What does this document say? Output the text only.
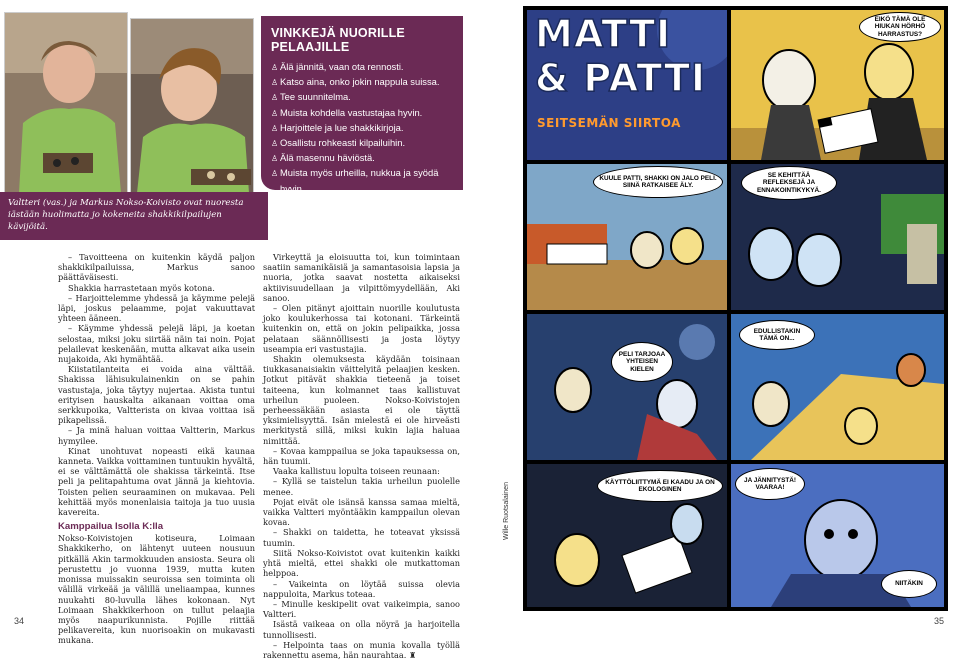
Valtteri (vas.) ja Markus Nokso-Koivisto ovat nuoresta iästään huolimatta jo kokeneita shakkikilpailujen kävijöitä.

VINKKEJÄ NUORILLE PELAAJILLE
♙ Älä jännitä, vaan ota rennosti.
♙ Katso aina, onko jokin nappula suissa.
♙ Tee suunnitelma.
♙ Muista kohdella vastustajaa hyvin.
♙ Harjoittele ja lue shakkikirjoja.
♙ Osallistu rohkeasti kilpailuihin.
♙ Älä masennu häviöstä.
♙ Muista myös urheilla, nukkua ja syödä
hyvin.

– Tavoitteena on kuitenkin käydä paljon shakkikilpailuissa, Markus sanoo päättäväisesti.

Shakkia harrastetaan myös kotona.

– Harjoittelemme yhdessä ja käymme pelejä läpi, joskus pelaamme, pojat vakuuttavat yhteen ääneen.

– Käymme yhdessä pelejä läpi, ja koetan selostaa, miksi joku siirtää näin tai noin. Pojat pelailevat keskenään, mutta alkavat aika usein nujakoida, Aki hymähtää.

Kiistatilanteita ei voida aina välttää. Shakissa lähisukulainenkin on se pahin vastustaja, joka täytyy nujertaa. Akista tuntui erityisen hauskalta aikanaan voittaa oma serkkupoika, Valtterista on kivaa voittaa isä pikapelissä.

– Ja minä haluan voittaa Valtterin, Markus hymyilee.

Kinat unohtuvat nopeasti eikä kaunaa kanneta. Vaikka voittaminen tuntuukin hyvältä, ei se välttämättä ole shakissa tärkeintä. Itse peli ja pelitapahtuma ovat jännä ja kiehtovia. Toisten pelien seuraaminen on mukavaa. Peli kehittää myös monenlaisia taitoja ja tuo uusia kavereita.

Kamppailua Isolla K:lla

Nokso-Koivistojen kotiseura, Loimaan Shakkikerho, on lähtenyt uuteen nousuun pitkällä Akin tarmokkuuden ansiosta. Seura oli perustettu jo vuonna 1939, mutta kuten monissa muissakin seuroissa sen toiminta oli välillä virkeää ja välillä uneliaampaa, kunnes nuukahti 80-luvulla lähes kokonaan. Nyt Loimaan Shakkikerhoon on tullut pelaajia myös naapurikunnista. Pojille riittää pelikavereita, kun nuorisoakin on mukavasti mukana.

Virkeyttä ja eloisuutta toi, kun toimintaan saatiin samanikäisiä ja samantasoisia lapsia ja nuoria, jotka saavat nostetta aikaiseksi aktiivisuudellaan ja vilpittömyydellään, Aki sanoo.

– Olen pitänyt ajoittain nuorille koulutusta joko koulukerhossa tai kotonani. Tärkeintä kuitenkin on, että on jokin pelipaikka, jossa pelataan säännöllisesti ja josta löytyy useampia eri vastustajia.

Shakin olemuksesta käydään toisinaan tiukkasanaisiakin väittelyitä pelaajien kesken. Jotkut pitävät shakkia tieteenä ja toiset taiteena, kun kolmannet taas kallistuvat urheilun puoleen. Nokso-Koivistojen perheessäkään asiasta ei ole täyttä yksimielisyyttä. Isän mielestä ei ole hirveästi merkitystä sillä, miksi kukin lajia haluaa nimittää.

– Kovaa kamppailua se joka tapauksessa on, hän tuumii.

Vaaka kallistuu lopulta toiseen reunaan:

– Kyllä se taistelun takia urheilun puolelle menee.

Pojat eivät ole isänsä kanssa samaa mieltä, vaikka Valtteri myöntääkin kamppailun olevan kovaa.

– Shakki on taidetta, he toteavat yksissä tuumin.

Siitä Nokso-Koivistot ovat kuitenkin kaikki yhtä mieltä, ettei shakki ole mutkattoman helppoa.

– Vaikeinta on löytää suissa olevia nappuloita, Markus toteaa.

– Minulle keskipelit ovat vaikeimpia, sanoo Valtteri.

Isästä vaikeaa on olla nöyrä ja harjoitella tunnollisesti.

– Helpointa taas on munia kovalla työllä rakennettu asema, hän naurahtaa. ♜

34	35
Wille Ruotsalainen
MATTI
& PATTI
SEITSEMÄN SIIRTOA
EIKÖ TÄMÄ OLE HIUKAN HÖRHÖ HARRASTUS?
KUULE PATTI, SHAKKI ON JALO PELI. SIINÄ RATKAISEE ÄLY.
SE KEHITTÄÄ REFLEKSEJÄ JA ENNAKOINTIKYKYÄ.
PELI TARJOAA YHTEISEN KIELEN
EDULLISTAKIN TÄMÄ ON...
KÄYTTÖLIITTYMÄ EI KAADU JA ON EKOLOGINEN
JA JÄNNITYSTÄ! VAARAA!
NIITÄKIN
